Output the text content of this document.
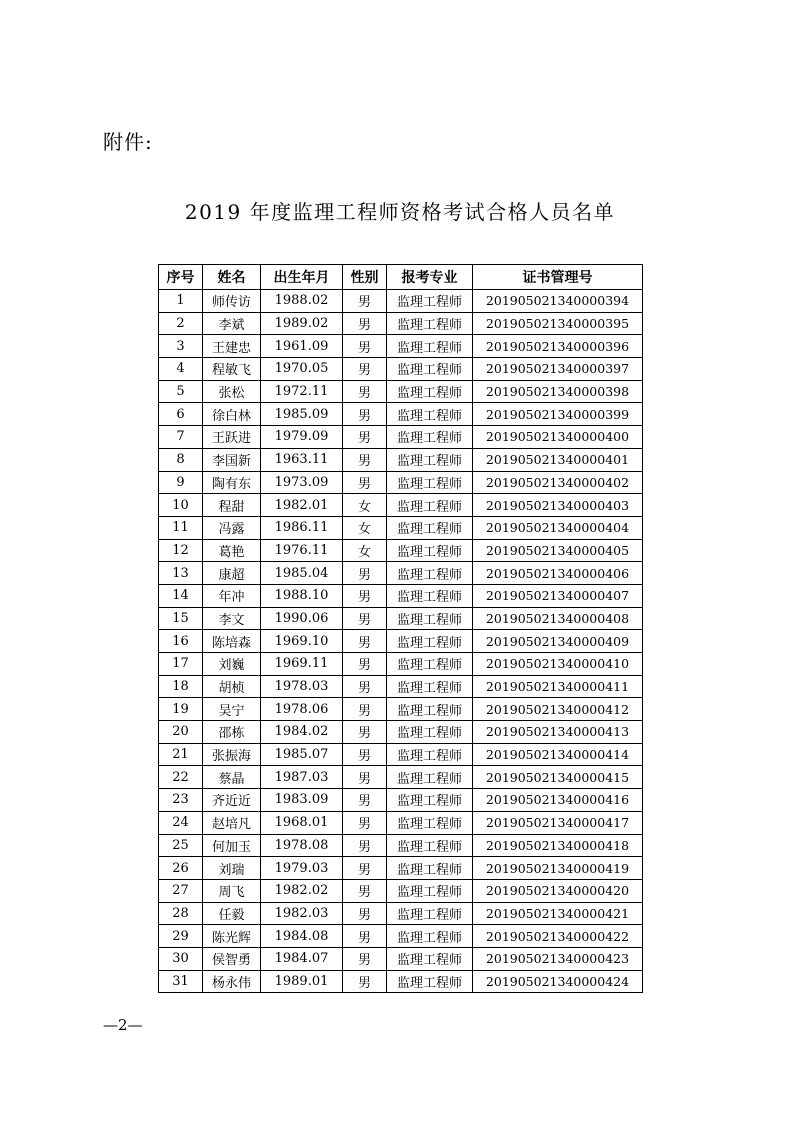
附件:
2019 年度监理工程师资格考试合格人员名单
序号	姓名	出生年月	性别	报考专业	证书管理号
1	师传访	1988.02	男	监理工程师	201905021340000394
2	李斌	1989.02	男	监理工程师	201905021340000395
3	王建忠	1961.09	男	监理工程师	201905021340000396
4	程敏飞	1970.05	男	监理工程师	201905021340000397
5	张松	1972.11	男	监理工程师	201905021340000398
6	徐白林	1985.09	男	监理工程师	201905021340000399
7	王跃进	1979.09	男	监理工程师	201905021340000400
8	李国新	1963.11	男	监理工程师	201905021340000401
9	陶有东	1973.09	男	监理工程师	201905021340000402
10	程甜	1982.01	女	监理工程师	201905021340000403
11	冯露	1986.11	女	监理工程师	201905021340000404
12	葛艳	1976.11	女	监理工程师	201905021340000405
13	康超	1985.04	男	监理工程师	201905021340000406
14	年冲	1988.10	男	监理工程师	201905021340000407
15	李文	1990.06	男	监理工程师	201905021340000408
16	陈培森	1969.10	男	监理工程师	201905021340000409
17	刘巍	1969.11	男	监理工程师	201905021340000410
18	胡桢	1978.03	男	监理工程师	201905021340000411
19	吴宁	1978.06	男	监理工程师	201905021340000412
20	邵栋	1984.02	男	监理工程师	201905021340000413
21	张振海	1985.07	男	监理工程师	201905021340000414
22	蔡晶	1987.03	男	监理工程师	201905021340000415
23	齐近近	1983.09	男	监理工程师	201905021340000416
24	赵培凡	1968.01	男	监理工程师	201905021340000417
25	何加玉	1978.08	男	监理工程师	201905021340000418
26	刘瑞	1979.03	男	监理工程师	201905021340000419
27	周飞	1982.02	男	监理工程师	201905021340000420
28	任毅	1982.03	男	监理工程师	201905021340000421
29	陈光辉	1984.08	男	监理工程师	201905021340000422
30	侯智勇	1984.07	男	监理工程师	201905021340000423
31	杨永伟	1989.01	男	监理工程师	201905021340000424
—2—
